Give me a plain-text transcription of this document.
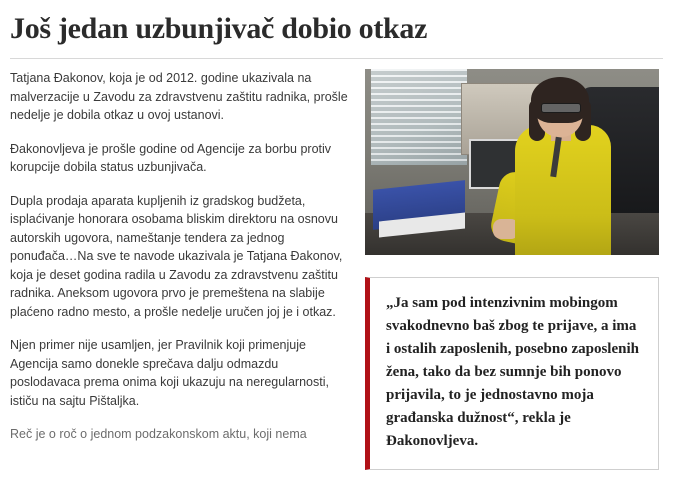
Još jedan uzbunjivač dobio otkaz

Tatjana Đakonov, koja je od 2012. godine ukazivala na malverzacije u Zavodu za zdravstvenu zaštitu radnika, prošle nedelje je dobila otkaz u ovoj ustanovi.

Đakonovljeva je prošle godine od Agencije za borbu protiv korupcije dobila status uzbunjivača.

Dupla prodaja aparata kupljenih iz gradskog budžeta, isplaćivanje honorara osobama bliskim direktoru na osnovu autorskih ugovora, nameštanje tendera za jednog ponuđača…Na sve te navode ukazivala je Tatjana Đakonov, koja je deset godina radila u Zavodu za zdravstvenu zaštitu radnika. Aneksom ugovora prvo je premeštena na slabije plaćeno radno mesto, a prošle nedelje uručen joj je i otkaz.

Njen primer nije usamljen, jer Pravilnik koji primenjuje Agencija samo donekle sprečava dalju odmazdu poslodavaca prema onima koji ukazuju na neregularnosti, ističu na sajtu Pištaljka.

Reč je o roč o jednom podzakonskom aktu, koji nema

„Ja sam pod intenzivnim mobingom svakodnevno baš zbog te prijave, a ima i ostalih zaposlenih, posebno zaposlenih žena, tako da bez sumnje bih ponovo prijavila, to je jednostavno moja građanska dužnost“, rekla je Đakonovljeva.
